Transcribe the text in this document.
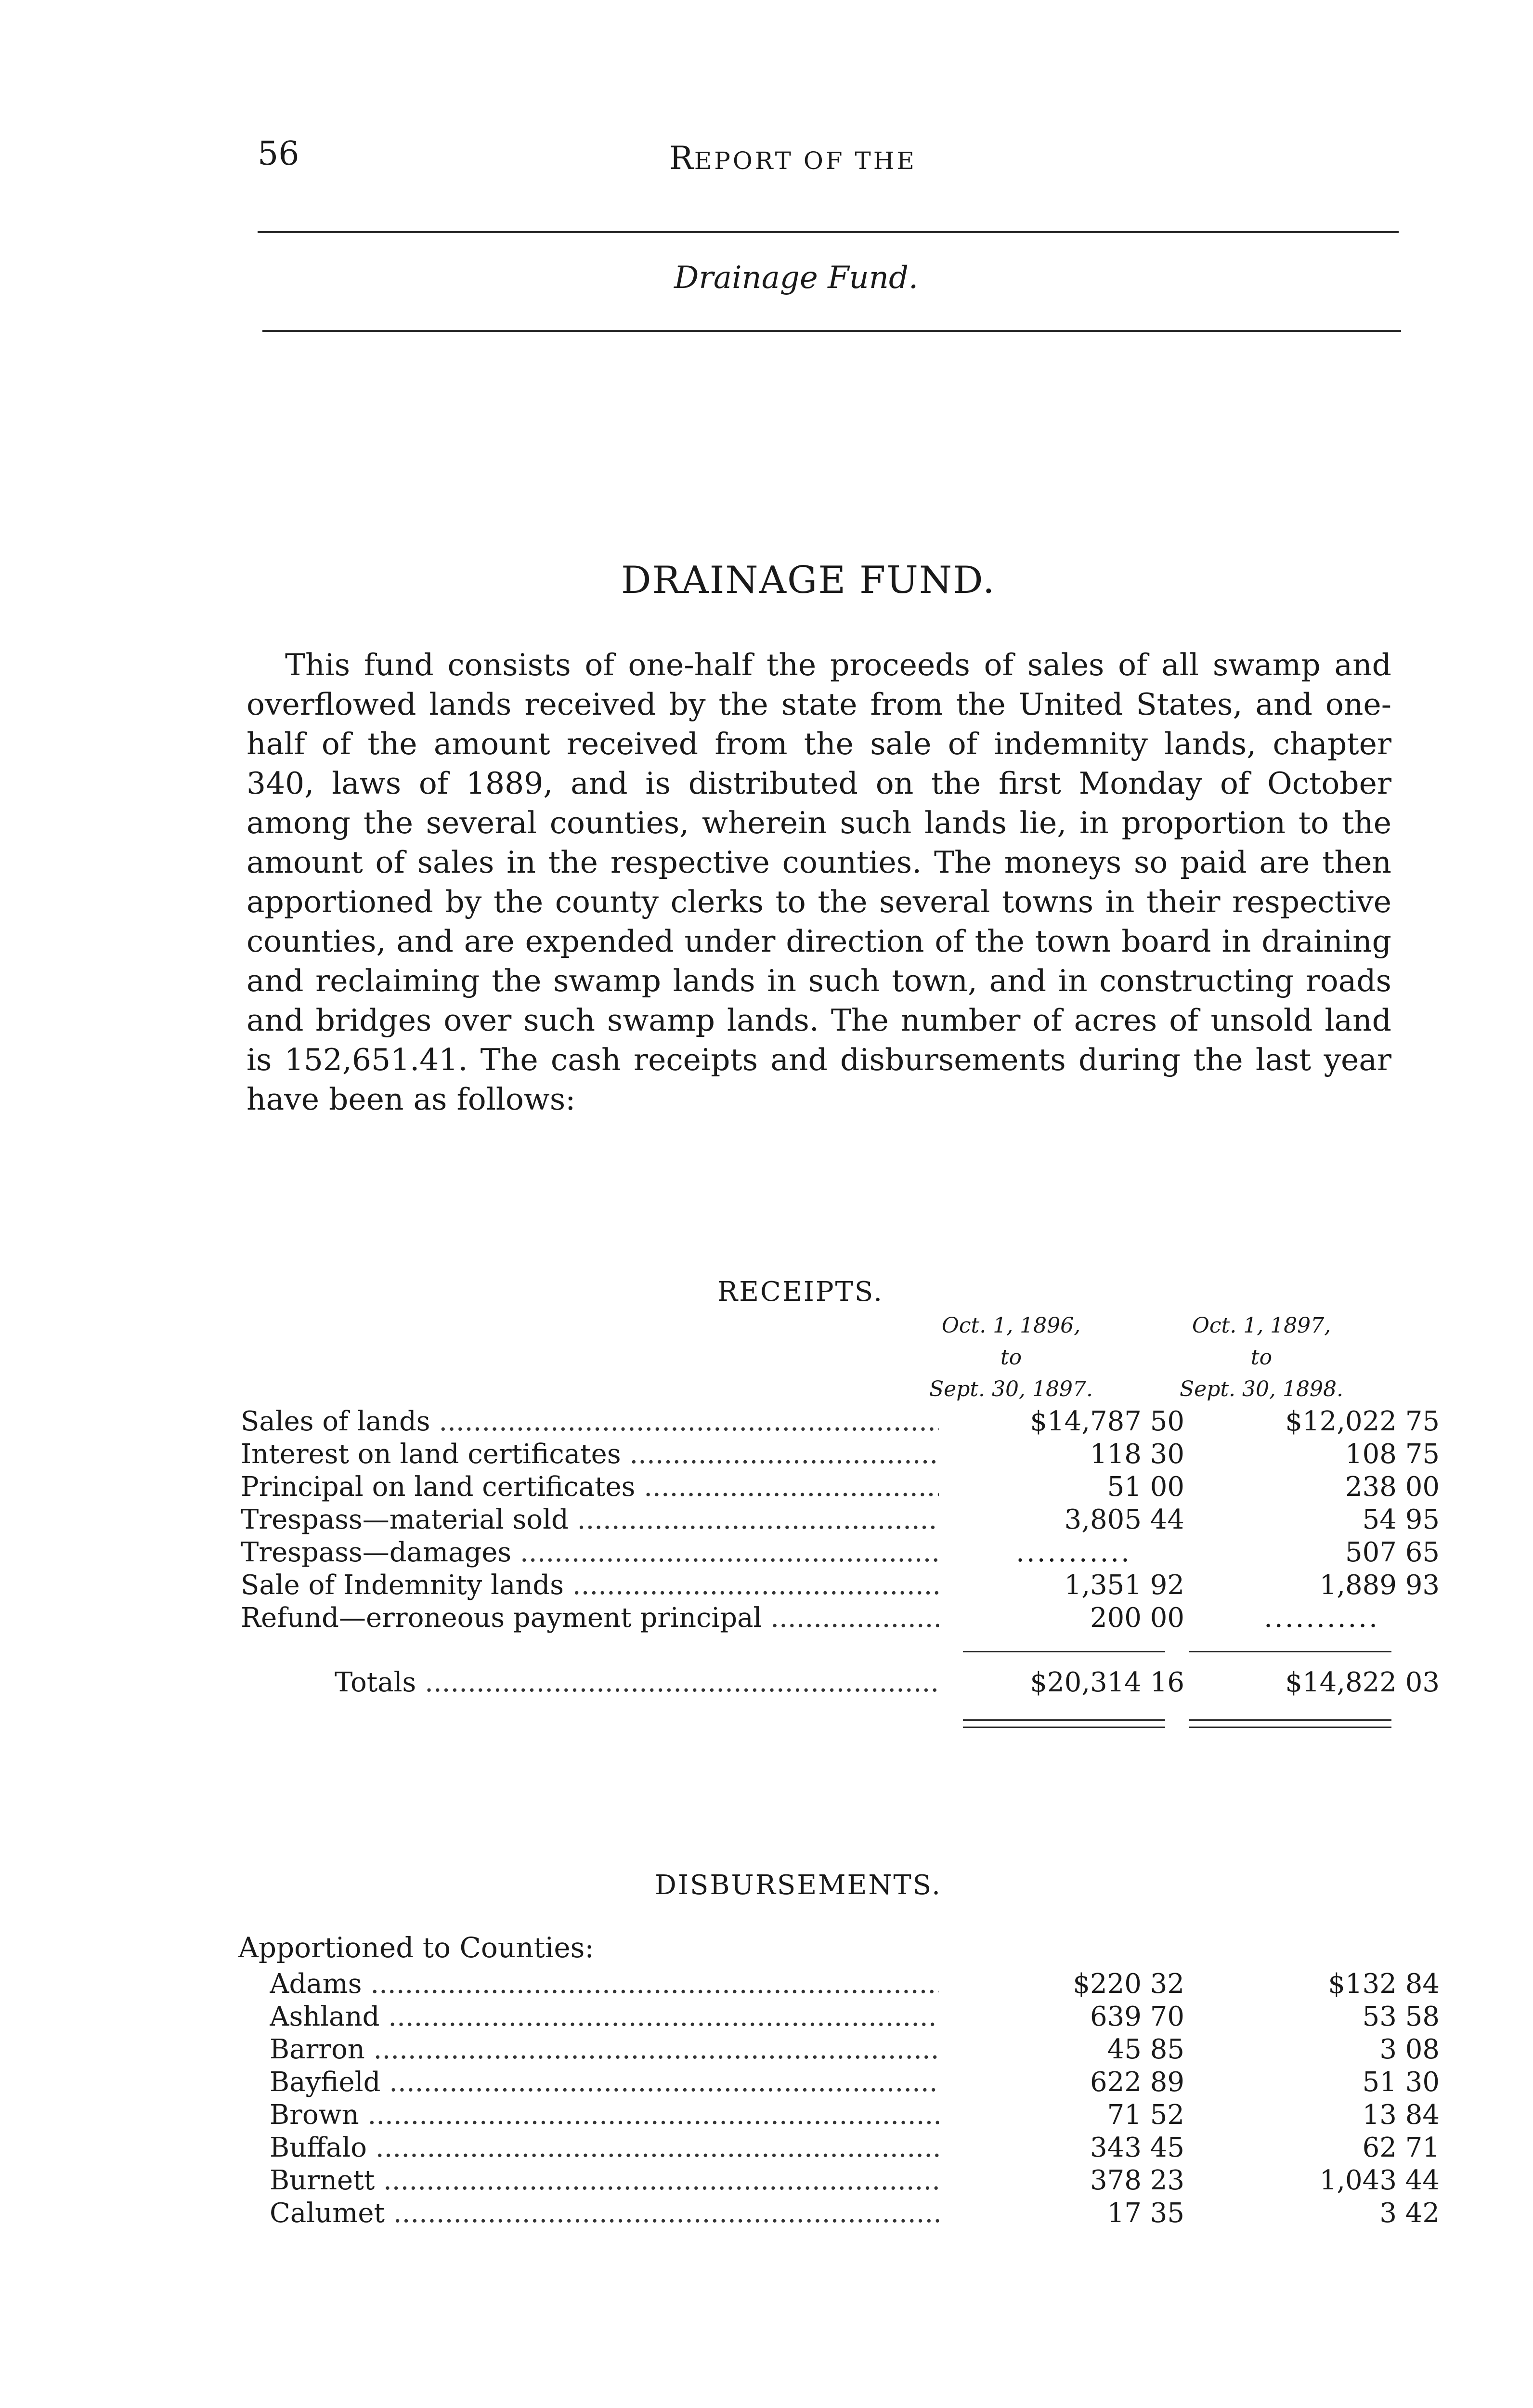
56	REPORT OF THE
Drainage Fund.
DRAINAGE FUND.
This fund consists of one-half the proceeds of sales of all swamp and overflowed lands received by the state from the United States, and one-half of the amount received from the sale of indemnity lands, chapter 340, laws of 1889, and is distributed on the first Monday of October among the several counties, wherein such lands lie, in proportion to the amount of sales in the respective counties. The moneys so paid are then apportioned by the county clerks to the several towns in their respective counties, and are expended under direction of the town board in draining and reclaiming the swamp lands in such town, and in constructing roads and bridges over such swamp lands. The number of acres of unsold land is 152,651.41. The cash receipts and disbursements during the last year have been as follows:
RECEIPTS.
Oct. 1, 1896,
to
Sept. 30, 1897.
Oct. 1, 1897,
to
Sept. 30, 1898.
Sales of lands .....	$14,787 50	$12,022 75
Interest on land certificates .....	118 30	108 75
Principal on land certificates .....	51 00	238 00
Trespass—material sold .....	3,805 44	54 95
Trespass—damages .....	...........	507 65
Sale of Indemnity lands .....	1,351 92	1,889 93
Refund—erroneous payment principal .....	200 00	...........
Totals .....	$20,314 16	$14,822 03
DISBURSEMENTS.
Apportioned to Counties:
Adams .....	$220 32	$132 84
Ashland .....	639 70	53 58
Barron .....	45 85	3 08
Bayfield .....	622 89	51 30
Brown .....	71 52	13 84
Buffalo .....	343 45	62 71
Burnett .....	378 23	1,043 44
Calumet .....	17 35	3 42
